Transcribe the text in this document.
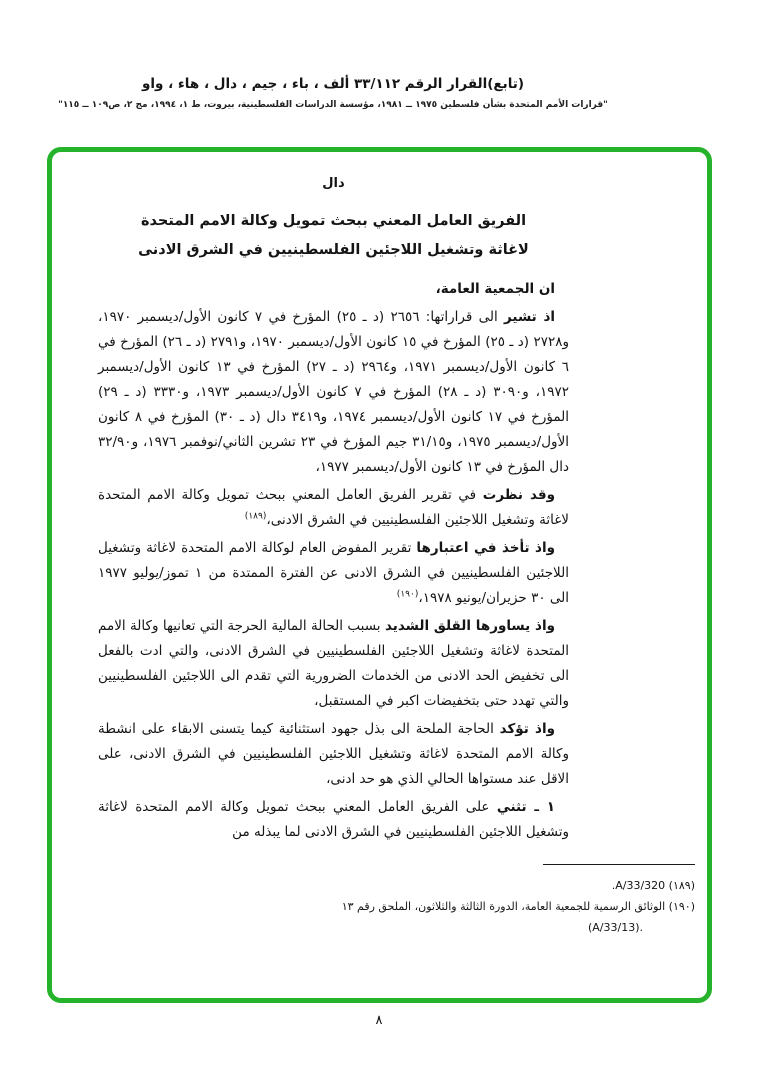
(تابع)القرار الرقم ٣٣/١١٢ ألف ، باء ، جيم ، دال ، هاء ، واو
"قرارات الأمم المتحدة بشأن فلسطين ١٩٧٥ ــ ١٩٨١، مؤسسة الدراسات الفلسطينية، بيروت، ط ١، ١٩٩٤، مج ٢، ص١٠٩ ــ ١١٥"
دال
الفريق العامل المعني ببحث تمويل وكالة الامم المتحدة
لاغاثة وتشغيل اللاجئين الفلسطينيين في الشرق الادنى

ان الجمعية العامة،

اذ تشير الى قراراتها: ٢٦٥٦ (د ـ ٢٥) المؤرخ في ٧ كانون الأول/ديسمبر ١٩٧٠، و٢٧٢٨ (د ـ ٢٥) المؤرخ في ١٥ كانون الأول/ديسمبر ١٩٧٠، و٢٧٩١ (د ـ ٢٦) المؤرخ في ٦ كانون الأول/ديسمبر ١٩٧١، و٢٩٦٤ (د ـ ٢٧) المؤرخ في ١٣ كانون الأول/ديسمبر ١٩٧٢، و٣٠٩٠ (د ـ ٢٨) المؤرخ في ٧ كانون الأول/ديسمبر ١٩٧٣، و٣٣٣٠ (د ـ ٢٩) المؤرخ في ١٧ كانون الأول/ديسمبر ١٩٧٤، و٣٤١٩ دال (د ـ ٣٠) المؤرخ في ٨ كانون الأول/ديسمبر ١٩٧٥، و٣١/١٥ جيم المؤرخ في ٢٣ تشرين الثاني/نوفمبر ١٩٧٦، و٣٢/٩٠ دال المؤرخ في ١٣ كانون الأول/ديسمبر ١٩٧٧،

وقد نظرت في تقرير الفريق العامل المعني ببحث تمويل وكالة الامم المتحدة لاغاثة وتشغيل اللاجئين الفلسطينيين في الشرق الادنى،$^{(١٨٩)}$

واذ تأخذ في اعتبارها تقرير المفوض العام لوكالة الامم المتحدة لاغاثة وتشغيل اللاجئين الفلسطينيين في الشرق الادنى عن الفترة الممتدة من ١ تموز/يوليو ١٩٧٧ الى ٣٠ حزيران/يونيو ١٩٧٨،$^{(١٩٠)}$

واذ يساورها القلق الشديد بسبب الحالة المالية الحرجة التي تعانيها وكالة الامم المتحدة لاغاثة وتشغيل اللاجئين الفلسطينيين في الشرق الادنى، والتي ادت بالفعل الى تخفيض الحد الادنى من الخدمات الضرورية التي تقدم الى اللاجئين الفلسطينيين والتي تهدد حتى بتخفيضات اكبر في المستقبل،

واذ تؤكد الحاجة الملحة الى بذل جهود استثنائية كيما يتسنى الابقاء على انشطة وكالة الامم المتحدة لاغاثة وتشغيل اللاجئين الفلسطينيين في الشرق الادنى، على الاقل عند مستواها الحالي الذي هو حد ادنى،

١ ـ تثني على الفريق العامل المعني ببحث تمويل وكالة الامم المتحدة لاغاثة وتشغيل اللاجئين الفلسطينيين في الشرق الادنى لما يبذله من

(١٨٩) A/33/320.
(١٩٠) الوثائق الرسمية للجمعية العامة، الدورة الثالثة والثلاثون، الملحق رقم ١٣
(A/33/13).
٨
